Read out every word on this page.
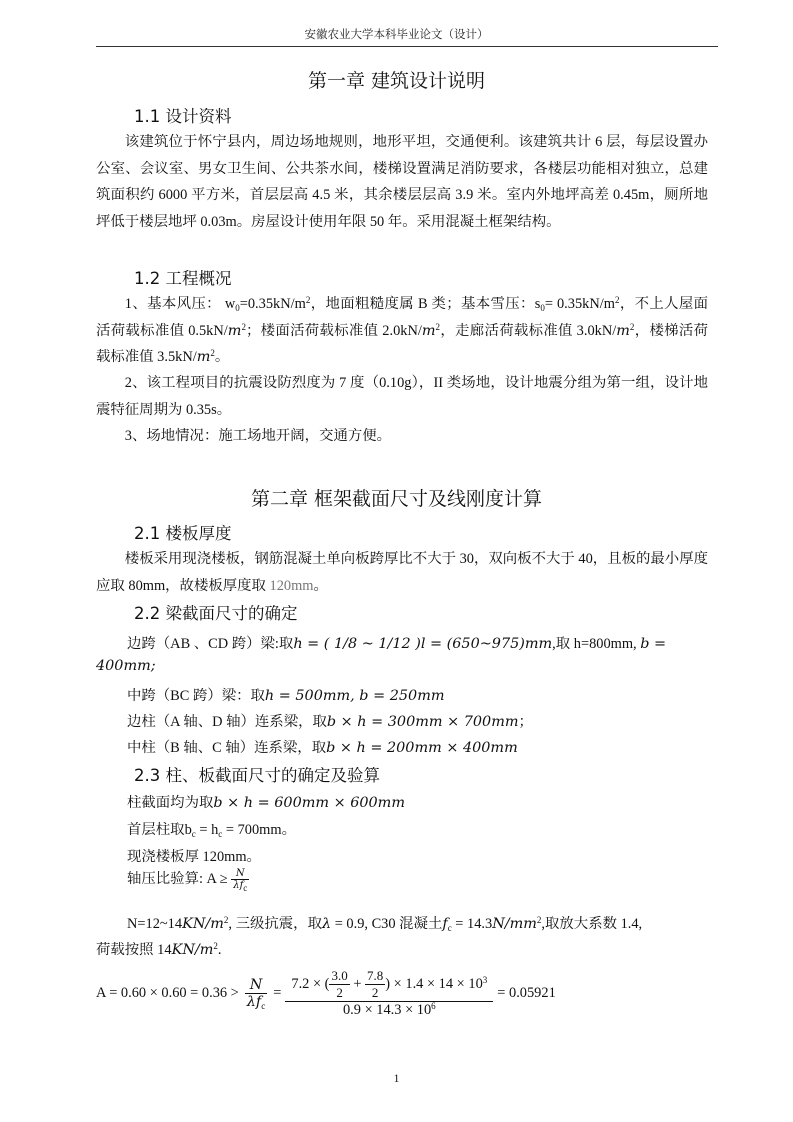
安徽农业大学本科毕业论文（设计）
第一章 建筑设计说明
1.1 设计资料
该建筑位于怀宁县内，周边场地规则，地形平坦，交通便利。该建筑共计 6 层，每层设置办公室、会议室、男女卫生间、公共茶水间，楼梯设置满足消防要求，各楼层功能相对独立，总建筑面积约 6000 平方米，首层层高 4.5 米，其余楼层层高 3.9 米。室内外地坪高差 0.45m，厕所地坪低于楼层地坪 0.03m。房屋设计使用年限 50 年。采用混凝土框架结构。
1.2 工程概况
1、基本风压： $w_0=0.35kN/m^2$，地面粗糙度属 B 类；基本雪压：$s_0= 0.35kN/m^2$，不上人屋面活荷载标准值 $0.5kN/m^2$；楼面活荷载标准值 $2.0kN/m^2$，走廊活荷载标准值 $3.0kN/m^2$，楼梯活荷载标准值 $3.5kN/m^2$。
2、该工程项目的抗震设防烈度为 7 度（0.10g），II 类场地，设计地震分组为第一组，设计地震特征周期为 0.35s。
3、场地情况：施工场地开阔，交通方便。
第二章 框架截面尺寸及线刚度计算
2.1 楼板厚度
楼板采用现浇楼板，钢筋混凝土单向板跨厚比不大于 30，双向板不大于 40，且板的最小厚度应取 80mm，故楼板厚度取 120mm。
2.2 梁截面尺寸的确定
边跨（AB 、CD 跨）梁:取h = ( 1/8 ~ 1/12 )l = (650~975)mm,取 h=800mm, b =
400mm;
中跨（BC 跨）梁：取h = 500mm, b = 250mm
边柱（A 轴、D 轴）连系梁，取b × h = 300mm × 700mm；
中柱（B 轴、C 轴）连系梁，取b × h = 200mm × 400mm
2.3 柱、板截面尺寸的确定及验算
柱截面均为取b × h = 600mm × 600mm
首层柱取$b_c = h_c = 700mm$。
现浇楼板厚 120mm。
轴压比验算: $A \ge \frac{N}{\lambda f_c}$
$N=12\sim 14KN/m^2$, 三级抗震，取λ = 0.9, C30 混凝土$f_c = 14.3N/mm^2$,取放大系数 1.4,
荷载按照 $14KN/m^2$.
$A = 0.60 \times 0.60 = 0.36 > \frac{N}{\lambda f_c} = \frac{7.2 \times ( \frac{3.0}{2} + \frac{7.8}{2} ) \times 1.4 \times 14 \times 10^3}{0.9 \times 14.3 \times 10^6} = 0.05921$
1
